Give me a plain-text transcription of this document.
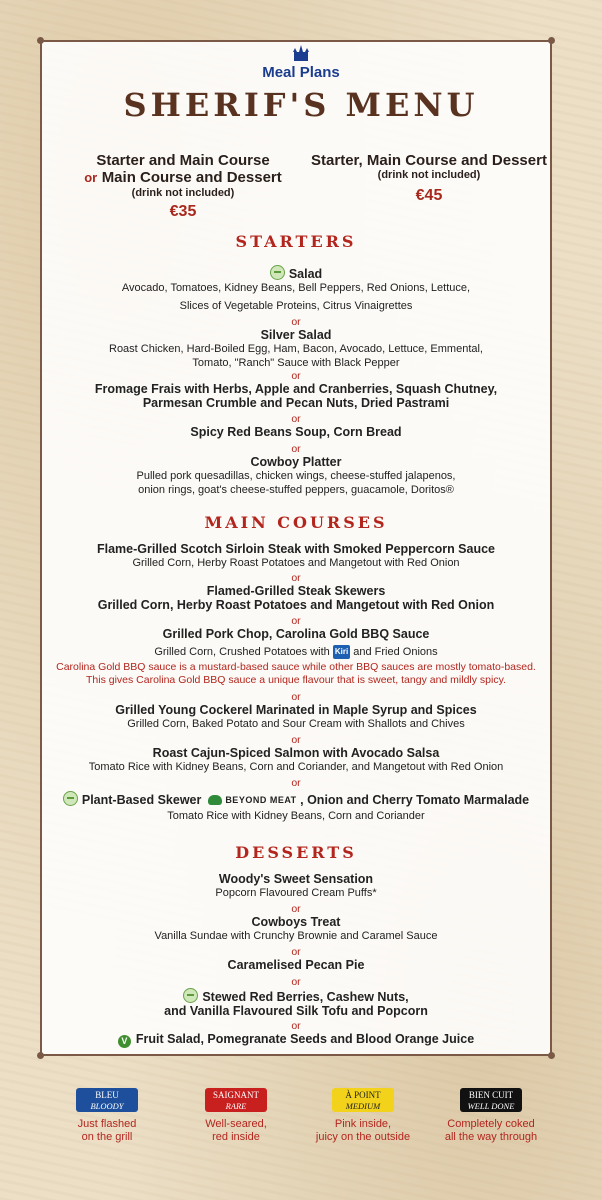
Meal Plans
SHERIF'S MENU
Starter and Main Course
or Main Course and Dessert
(drink not included)
€35
Starter, Main Course and Dessert
(drink not included)
€45
STARTERS
Salad
Avocado, Tomatoes, Kidney Beans, Bell Peppers, Red Onions, Lettuce,
Slices of Vegetable Proteins, Citrus Vinaigrettes
or
Silver Salad
Roast Chicken, Hard-Boiled Egg, Ham, Bacon, Avocado, Lettuce, Emmental,
Tomato, "Ranch" Sauce with Black Pepper
or
Fromage Frais with Herbs, Apple and Cranberries, Squash Chutney,
Parmesan Crumble and Pecan Nuts, Dried Pastrami
or
Spicy Red Beans Soup, Corn Bread
or
Cowboy Platter
Pulled pork quesadillas, chicken wings, cheese-stuffed jalapenos,
onion rings, goat's cheese-stuffed peppers, guacamole, Doritos®
MAIN COURSES
Flame-Grilled Scotch Sirloin Steak with Smoked Peppercorn Sauce
Grilled Corn, Herby Roast Potatoes and Mangetout with Red Onion
or
Flamed-Grilled Steak Skewers
Grilled Corn, Herby Roast Potatoes and Mangetout with Red Onion
or
Grilled Pork Chop, Carolina Gold BBQ Sauce
Grilled Corn, Crushed Potatoes with Kiri and Fried Onions
Carolina Gold BBQ sauce is a mustard-based sauce while other BBQ sauces are mostly tomato-based.
This gives Carolina Gold BBQ sauce a unique flavour that is sweet, tangy and mildly spicy.
or
Grilled Young Cockerel Marinated in Maple Syrup and Spices
Grilled Corn, Baked Potato and Sour Cream with Shallots and Chives
or
Roast Cajun-Spiced Salmon with Avocado Salsa
Tomato Rice with Kidney Beans, Corn and Coriander, and Mangetout with Red Onion
or
Plant-Based Skewer	BEYOND MEAT , Onion and Cherry Tomato Marmalade
Tomato Rice with Kidney Beans, Corn and Coriander
DESSERTS
Woody's Sweet Sensation
Popcorn Flavoured Cream Puffs*
or
Cowboys Treat
Vanilla Sundae with Crunchy Brownie and Caramel Sauce
or
Caramelised Pecan Pie
or
Stewed Red Berries, Cashew Nuts,
and Vanilla Flavoured Silk Tofu and Popcorn
or
V Fruit Salad, Pomegranate Seeds and Blood Orange Juice
BLEU
BLOODY
Just flashed
on the grill
SAIGNANT
RARE
Well-seared,
red inside
À POINT
MEDIUM
Pink inside,
juicy on the outside
BIEN CUIT
WELL DONE
Completely coked
all the way through
